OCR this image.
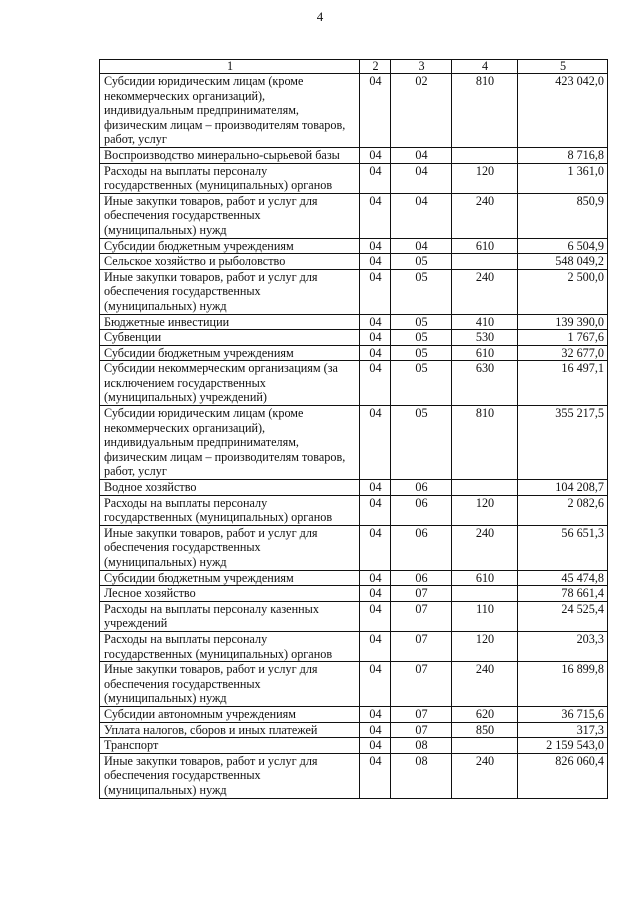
4
1	2	3	4	5
Субсидии юридическим лицам (кроме некоммерческих организаций), индивидуальным предпринимателям, физическим лицам – производителям товаров, работ, услуг	04	02	810	423 042,0
Воспроизводство минерально-сырьевой базы	04	04		8 716,8
Расходы на выплаты персоналу государственных (муниципальных) органов	04	04	120	1 361,0
Иные закупки товаров, работ и услуг для обеспечения государственных (муниципальных) нужд	04	04	240	850,9
Субсидии бюджетным учреждениям	04	04	610	6 504,9
Сельское хозяйство и рыболовство	04	05		548 049,2
Иные закупки товаров, работ и услуг для обеспечения государственных (муниципальных) нужд	04	05	240	2 500,0
Бюджетные инвестиции	04	05	410	139 390,0
Субвенции	04	05	530	1 767,6
Субсидии бюджетным учреждениям	04	05	610	32 677,0
Субсидии некоммерческим организациям (за исключением государственных (муниципальных) учреждений)	04	05	630	16 497,1
Субсидии юридическим лицам (кроме некоммерческих организаций), индивидуальным предпринимателям, физическим лицам – производителям товаров, работ, услуг	04	05	810	355 217,5
Водное хозяйство	04	06		104 208,7
Расходы на выплаты персоналу государственных (муниципальных) органов	04	06	120	2 082,6
Иные закупки товаров, работ и услуг для обеспечения государственных (муниципальных) нужд	04	06	240	56 651,3
Субсидии бюджетным учреждениям	04	06	610	45 474,8
Лесное хозяйство	04	07		78 661,4
Расходы на выплаты персоналу казенных учреждений	04	07	110	24 525,4
Расходы на выплаты персоналу государственных (муниципальных) органов	04	07	120	203,3
Иные закупки товаров, работ и услуг для обеспечения государственных (муниципальных) нужд	04	07	240	16 899,8
Субсидии автономным учреждениям	04	07	620	36 715,6
Уплата налогов, сборов и иных платежей	04	07	850	317,3
Транспорт	04	08		2 159 543,0
Иные закупки товаров, работ и услуг для обеспечения государственных (муниципальных) нужд	04	08	240	826 060,4
